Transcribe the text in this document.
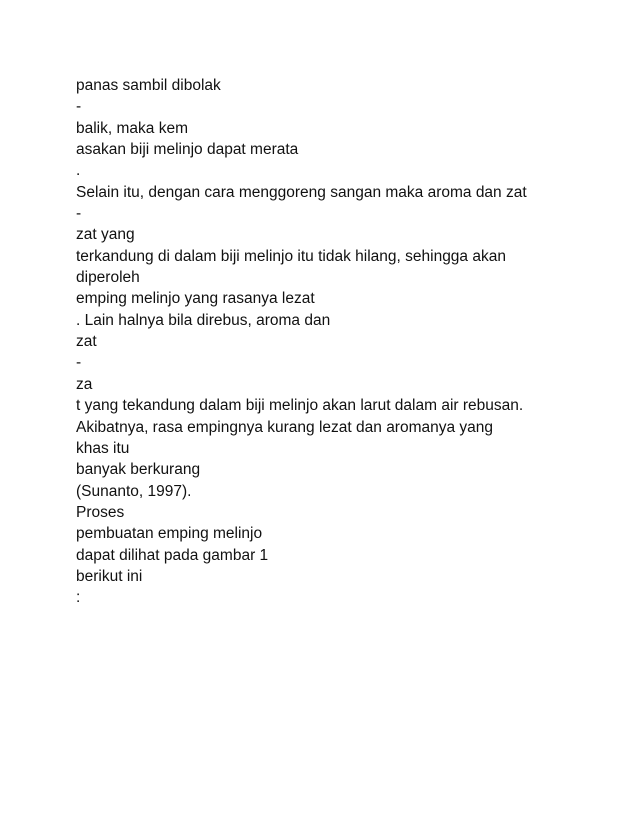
panas sambil dibolak
-
balik, maka kem
asakan biji melinjo dapat merata
.
Selain itu, dengan cara menggoreng sangan maka aroma dan zat
-
zat yang
terkandung di dalam biji melinjo itu tidak hilang, sehingga akan
diperoleh
emping melinjo yang rasanya lezat
. Lain halnya bila direbus, aroma dan
zat
-
za
t yang tekandung dalam biji melinjo akan larut dalam air rebusan.
Akibatnya, rasa empingnya kurang lezat dan aromanya yang
khas itu
banyak berkurang
(Sunanto, 1997).
Proses
pembuatan emping melinjo
dapat dilihat pada gambar 1
berikut ini
:
